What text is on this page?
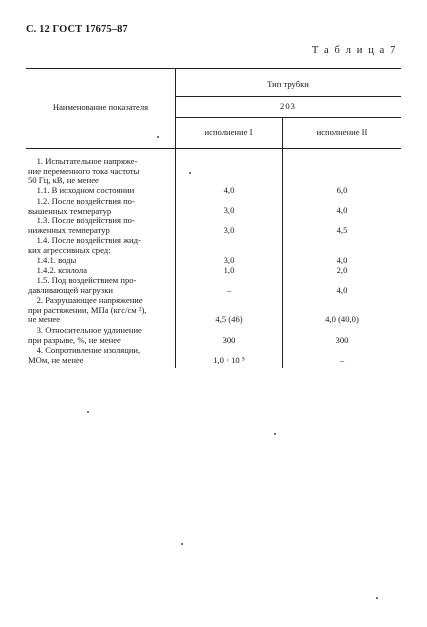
С. 12 ГОСТ 17675–87
Т а б л и ц а 7
Наименование показателя
Тип трубки
203
исполнение I	исполнение II
1. Испытательное напряже-
ние переменного тока частоты
50 Гц, кВ, не менее
1.1. В исходном состоянии	4,0	6,0
1.2. После воздействия по-
вышенных температур	3,0	4,0
1.3. После воздействия по-
ниженных температур	3,0	4,5
1.4. После воздействия жид-
ких агрессивных сред:
1.4.1. воды	3,0	4,0
1.4.2. ксилола	1,0	2,0
1.5. Под воздействием про-
давливающей нагрузки	–	4,0
2. Разрушающее напряжение
при растяжении, МПа (кгс/см ²),
не менее	4,5 (46)	4,0 (40,0)
3. Относительное удлинение
при разрыве, %, не менее	300	300
4. Сопротивление изоляции,
МОм, не менее	1,0 · 10 ⁵	–
